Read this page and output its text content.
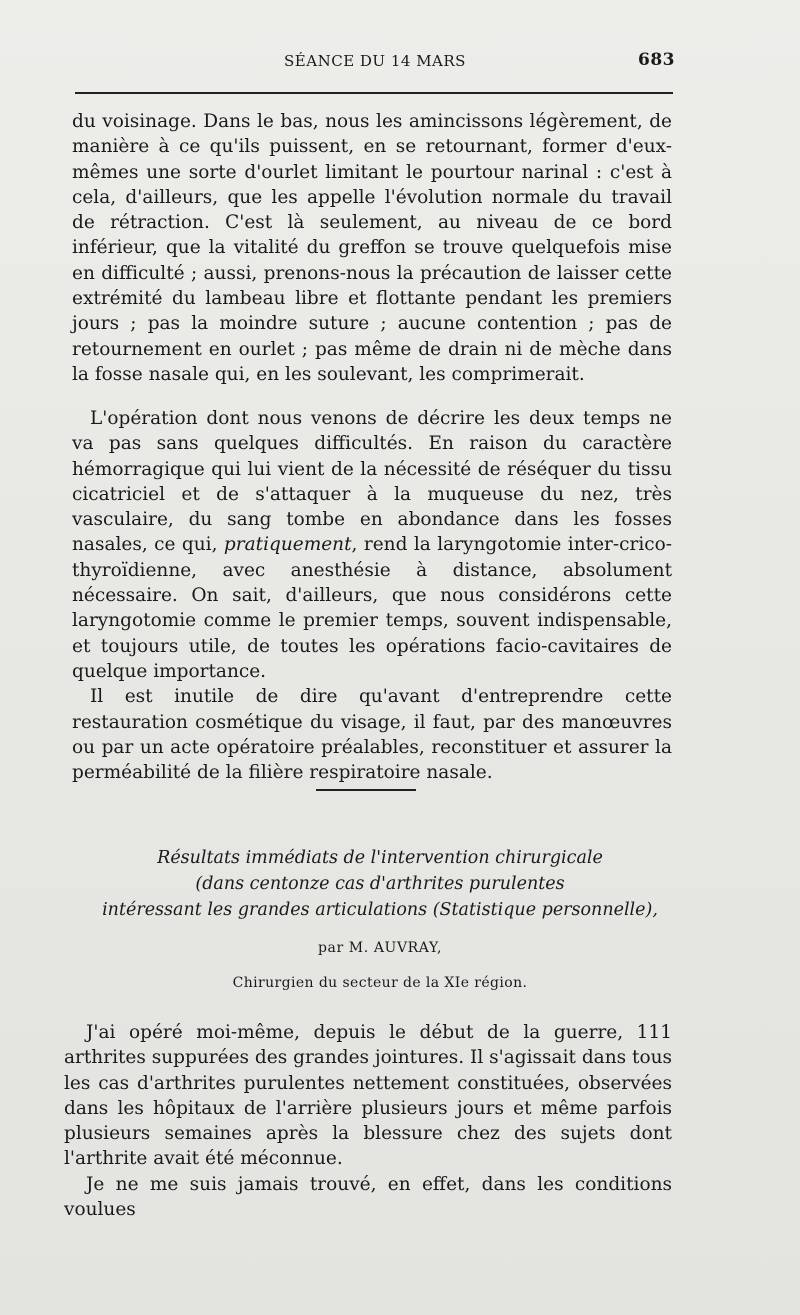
SÉANCE DU 14 MARS	683

du voisinage. Dans le bas, nous les amincissons légèrement, de manière à ce qu'ils puissent, en se retournant, former d'eux-mêmes une sorte d'ourlet limitant le pourtour narinal : c'est à cela, d'ailleurs, que les appelle l'évolution normale du travail de rétraction. C'est là seulement, au niveau de ce bord inférieur, que la vitalité du greffon se trouve quelquefois mise en difficulté ; aussi, prenons-nous la précaution de laisser cette extrémité du lambeau libre et flottante pendant les premiers jours ; pas la moindre suture ; aucune contention ; pas de retournement en ourlet ; pas même de drain ni de mèche dans la fosse nasale qui, en les soulevant, les comprimerait.

L'opération dont nous venons de décrire les deux temps ne va pas sans quelques difficultés. En raison du caractère hémorragique qui lui vient de la nécessité de réséquer du tissu cicatriciel et de s'attaquer à la muqueuse du nez, très vasculaire, du sang tombe en abondance dans les fosses nasales, ce qui, pratiquement, rend la laryngotomie inter-crico-thyroïdienne, avec anesthésie à distance, absolument nécessaire. On sait, d'ailleurs, que nous considérons cette laryngotomie comme le premier temps, souvent indispensable, et toujours utile, de toutes les opérations facio-cavitaires de quelque importance.

Il est inutile de dire qu'avant d'entreprendre cette restauration cosmétique du visage, il faut, par des manœuvres ou par un acte opératoire préalables, reconstituer et assurer la perméabilité de la filière respiratoire nasale.

Résultats immédiats de l'intervention chirurgicale
(dans centonze cas d'arthrites purulentes
intéressant les grandes articulations (Statistique personnelle),
par M. AUVRAY,
Chirurgien du secteur de la XIe région.

J'ai opéré moi-même, depuis le début de la guerre, 111 arthrites suppurées des grandes jointures. Il s'agissait dans tous les cas d'arthrites purulentes nettement constituées, observées dans les hôpitaux de l'arrière plusieurs jours et même parfois plusieurs semaines après la blessure chez des sujets dont l'arthrite avait été méconnue.

Je ne me suis jamais trouvé, en effet, dans les conditions voulues
